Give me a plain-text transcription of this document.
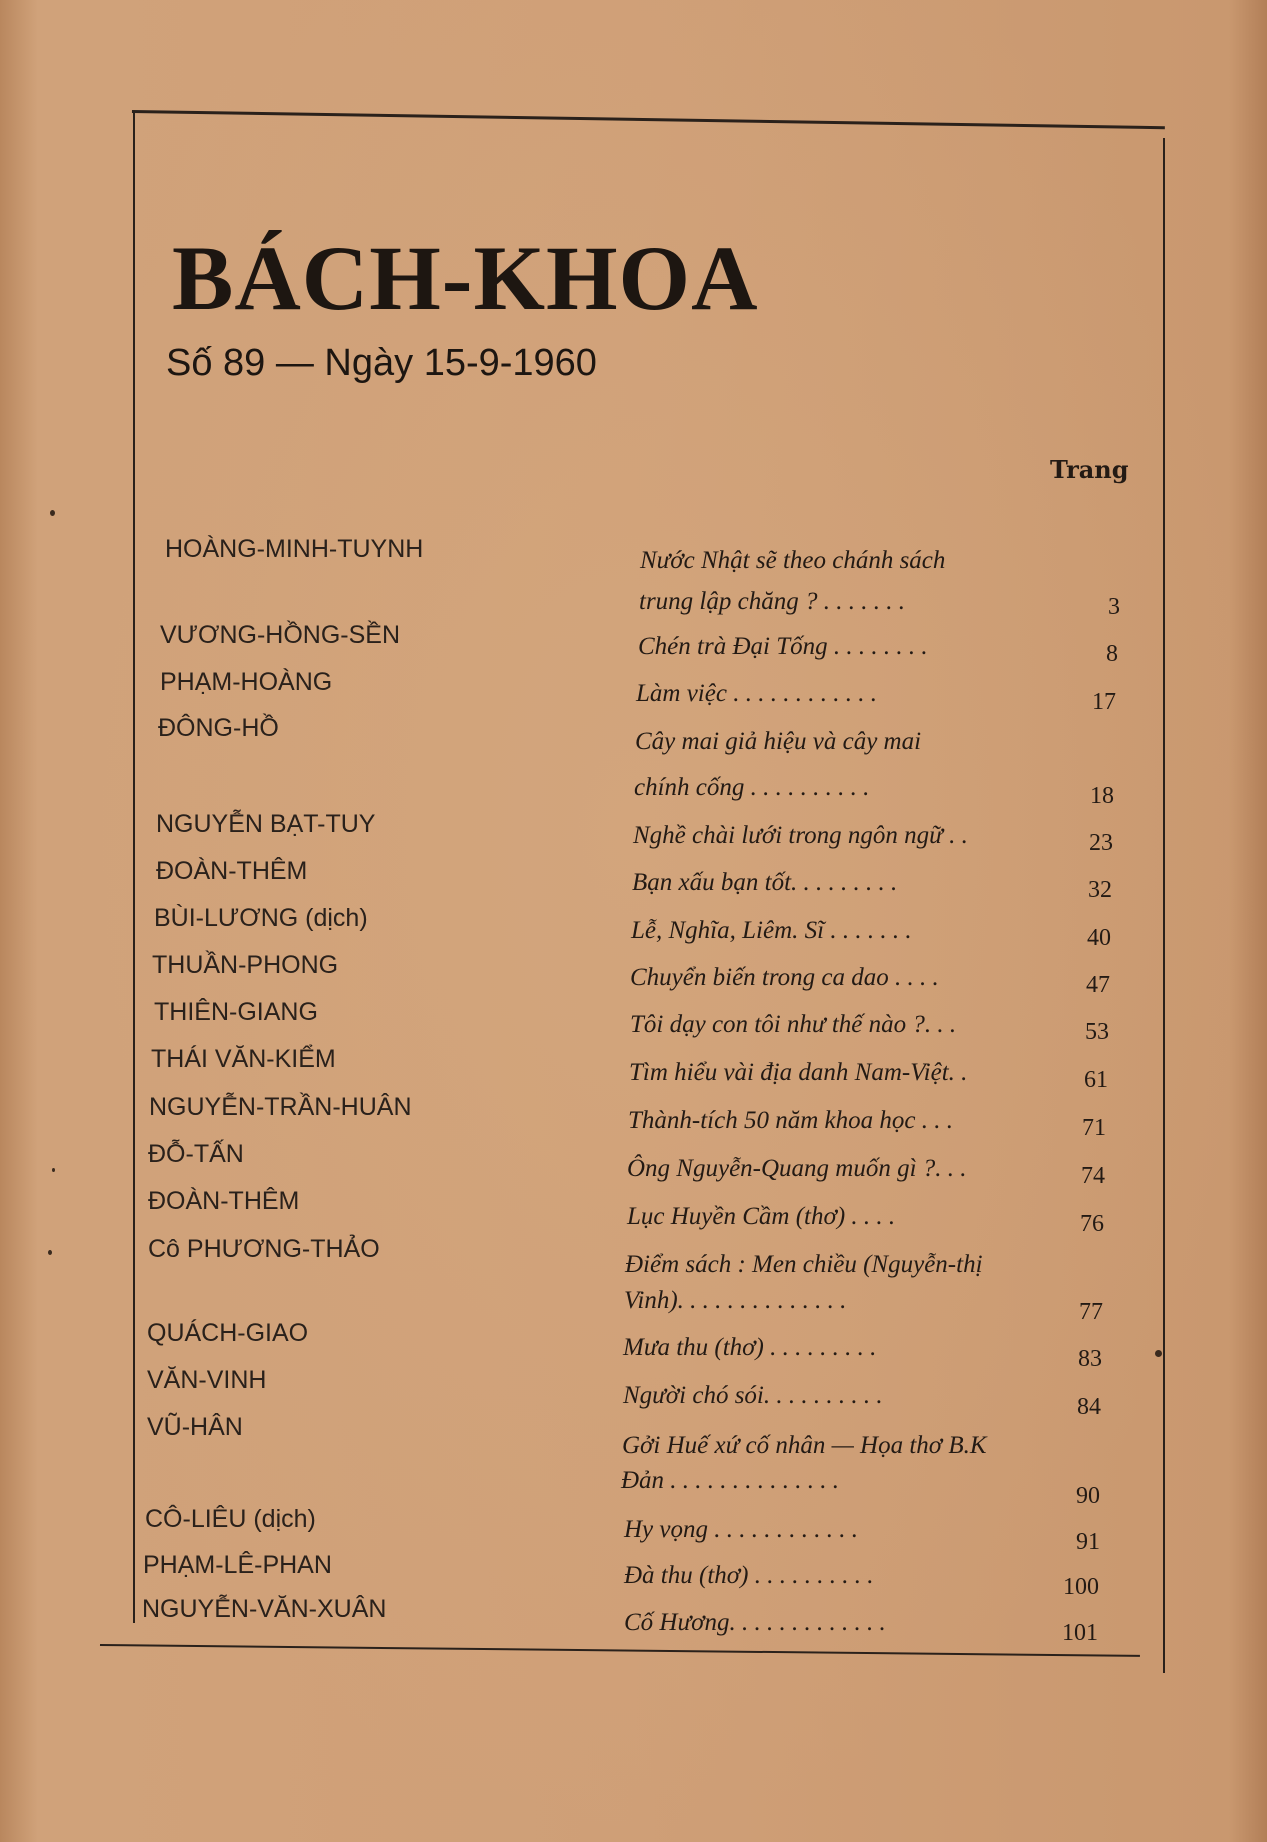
BÁCH-KHOA
Số 89 — Ngày 15-9-1960
Trang
HOÀNG-MINH-TUYNH
VƯƠNG-HỒNG-SỀN
PHẠM-HOÀNG
ĐÔNG-HỒ
NGUYỄN BẠT-TUY
ĐOÀN-THÊM
BÙI-LƯƠNG (dịch)
THUẦN-PHONG
THIÊN-GIANG
THÁI VĂN-KIỂM
NGUYỄN-TRẦN-HUÂN
ĐỖ-TẤN
ĐOÀN-THÊM
Cô PHƯƠNG-THẢO
QUÁCH-GIAO
VĂN-VINH
VŨ-HÂN
CÔ-LIÊU (dịch)
PHẠM-LÊ-PHAN
NGUYỄN-VĂN-XUÂN
Nước Nhật sẽ theo chánh sách
trung lập chăng ? . . . . . . .
Chén trà Đại Tống . . . . . . . .
Làm việc . . . . . . . . . . . .
Cây mai giả hiệu và cây mai
chính cống . . . . . . . . . .
Nghề chài lưới trong ngôn ngữ . .
Bạn xấu bạn tốt. . . . . . . . .
Lễ, Nghĩa, Liêm. Sĩ . . . . . . .
Chuyển biến trong ca dao . . . .
Tôi dạy con tôi như thế nào ?. . .
Tìm hiểu vài địa danh Nam-Việt. .
Thành-tích 50 năm khoa học . . .
Ông Nguyễn-Quang muốn gì ?. . .
Lục Huyền Cầm (thơ) . . . .
Điểm sách : Men chiều (Nguyễn-thị
Vinh). . . . . . . . . . . . . .
Mưa thu (thơ) . . . . . . . . .
Người chó sói. . . . . . . . . .
Gởi Huế xứ cố nhân — Họa thơ B.K
Đản . . . . . . . . . . . . . .
Hy vọng . . . . . . . . . . . .
Đà thu (thơ) . . . . . . . . . .
Cố Hương. . . . . . . . . . . . .
3
8
17
18
23
32
40
47
53
61
71
74
76
77
83
84
90
91
100
101
